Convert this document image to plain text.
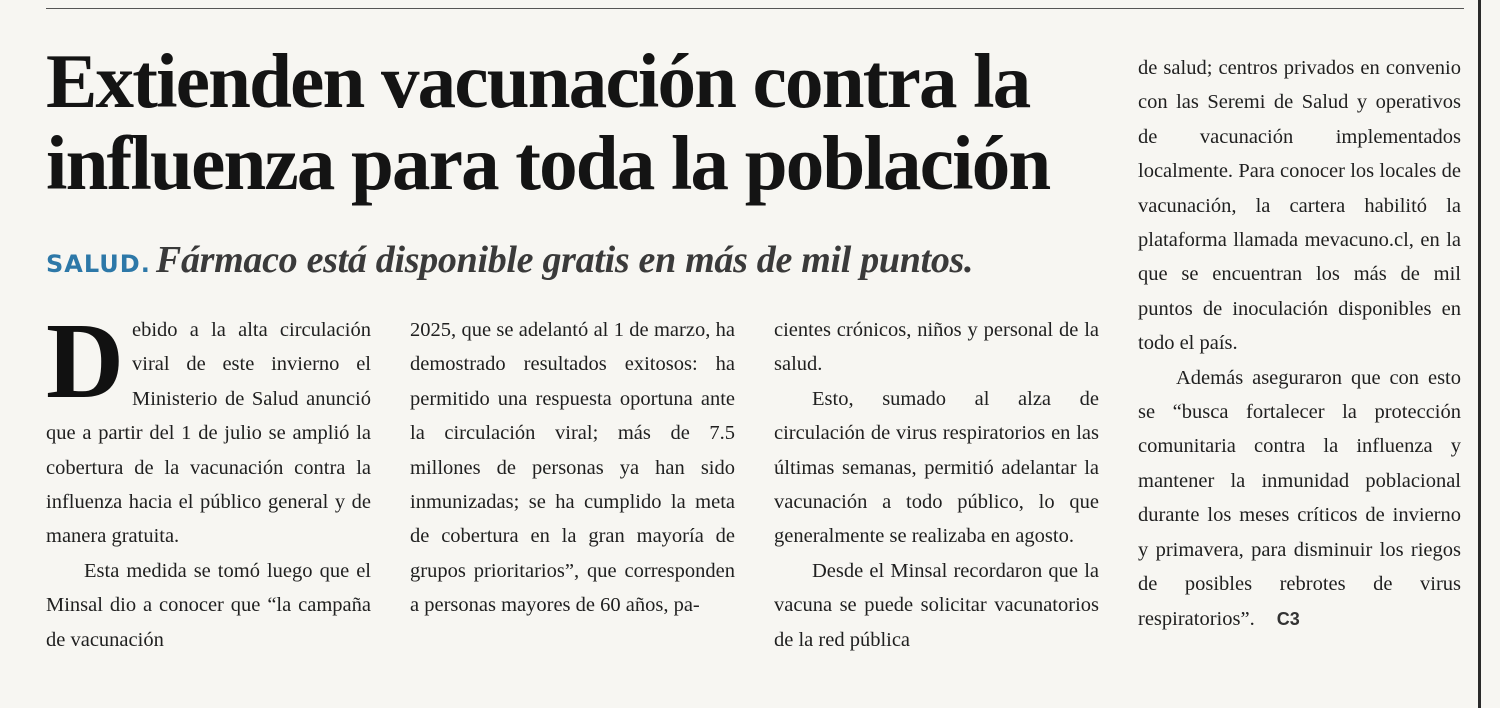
Extienden vacunación contra la
influenza para toda la población
SALUD. Fármaco está disponible gratis en más de mil puntos.

Debido a la alta circulación viral de este invierno el Ministerio de Salud anunció que a partir del 1 de julio se amplió la cobertura de la vacunación contra la influenza hacia el público general y de manera gratuita.

Esta medida se tomó luego que el Minsal dio a conocer que “la campaña de vacunación

2025, que se adelantó al 1 de marzo, ha demostrado resultados exitosos: ha permitido una respuesta oportuna ante la circulación viral; más de 7.5 millones de personas ya han sido inmunizadas; se ha cumplido la meta de cobertura en la gran mayoría de grupos prioritarios”, que corresponden a personas mayores de 60 años, pa-

cientes crónicos, niños y personal de la salud.

Esto, sumado al alza de circulación de virus respiratorios en las últimas semanas, permitió adelantar la vacunación a todo público, lo que generalmente se realizaba en agosto.

Desde el Minsal recordaron que la vacuna se puede solicitar vacunatorios de la red pública

de salud; centros privados en convenio con las Seremi de Salud y operativos de vacunación implementados localmente. Para conocer los locales de vacunación, la cartera habilitó la plataforma llamada mevacuno.cl, en la que se encuentran los más de mil puntos de inoculación disponibles en todo el país.

Además aseguraron que con esto se “busca fortalecer la protección comunitaria contra la influenza y mantener la inmunidad poblacional durante los meses críticos de invierno y primavera, para disminuir los riegos de posibles rebrotes de virus respiratorios”. C3
